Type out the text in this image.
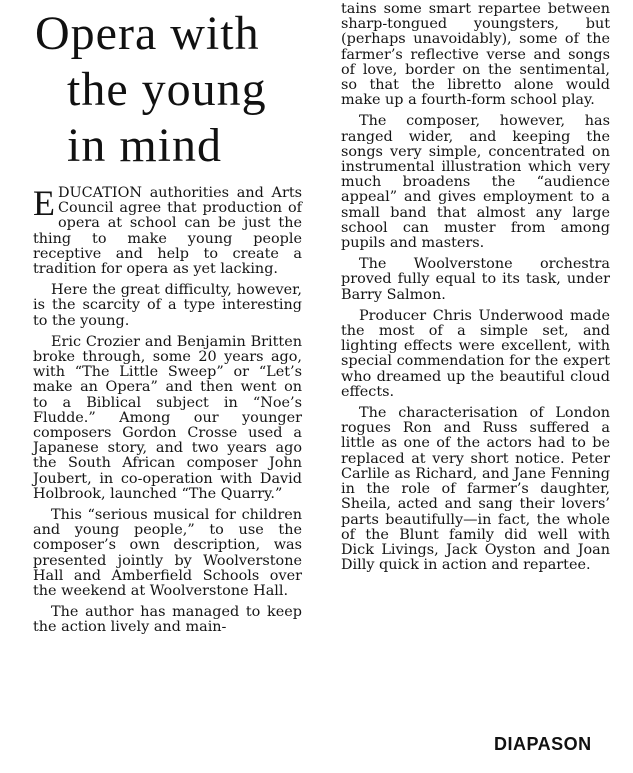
Opera with
the young
in mind

EDUCATION authorities and Arts Council agree that production of opera at school can be just the thing to make young people receptive and help to create a tradition for opera as yet lacking.

Here the great difficulty, however, is the scarcity of a type interesting to the young.

Eric Crozier and Benjamin Britten broke through, some 20 years ago, with “The Little Sweep” or “Let’s make an Opera” and then went on to a Biblical subject in “Noe’s Fludde.” Among our younger composers Gordon Crosse used a Japanese story, and two years ago the South African composer John Joubert, in co-operation with David Holbrook, launched “The Quarry.”

This “serious musical for children and young people,” to use the composer’s own description, was presented jointly by Woolverstone Hall and Amberfield Schools over the weekend at Woolverstone Hall.

The author has managed to keep the action lively and main-

tains some smart repartee between sharp-tongued youngsters, but (perhaps unavoidably), some of the farmer’s reflective verse and songs of love, border on the sentimental, so that the libretto alone would make up a fourth-form school play.

The composer, however, has ranged wider, and keeping the songs very simple, concentrated on instrumental illustration which very much broadens the “audience appeal” and gives employment to a small band that almost any large school can muster from among pupils and masters.

The Woolverstone orchestra proved fully equal to its task, under Barry Salmon.

Producer Chris Underwood made the most of a simple set, and lighting effects were excellent, with special commendation for the expert who dreamed up the beautiful cloud effects.

The characterisation of London rogues Ron and Russ suffered a little as one of the actors had to be replaced at very short notice. Peter Carlile as Richard, and Jane Fenning in the role of farmer’s daughter, Sheila, acted and sang their lovers’ parts beautifully—in fact, the whole of the Blunt family did well with Dick Livings, Jack Oyston and Joan Dilly quick in action and repartee.

DIAPASON
